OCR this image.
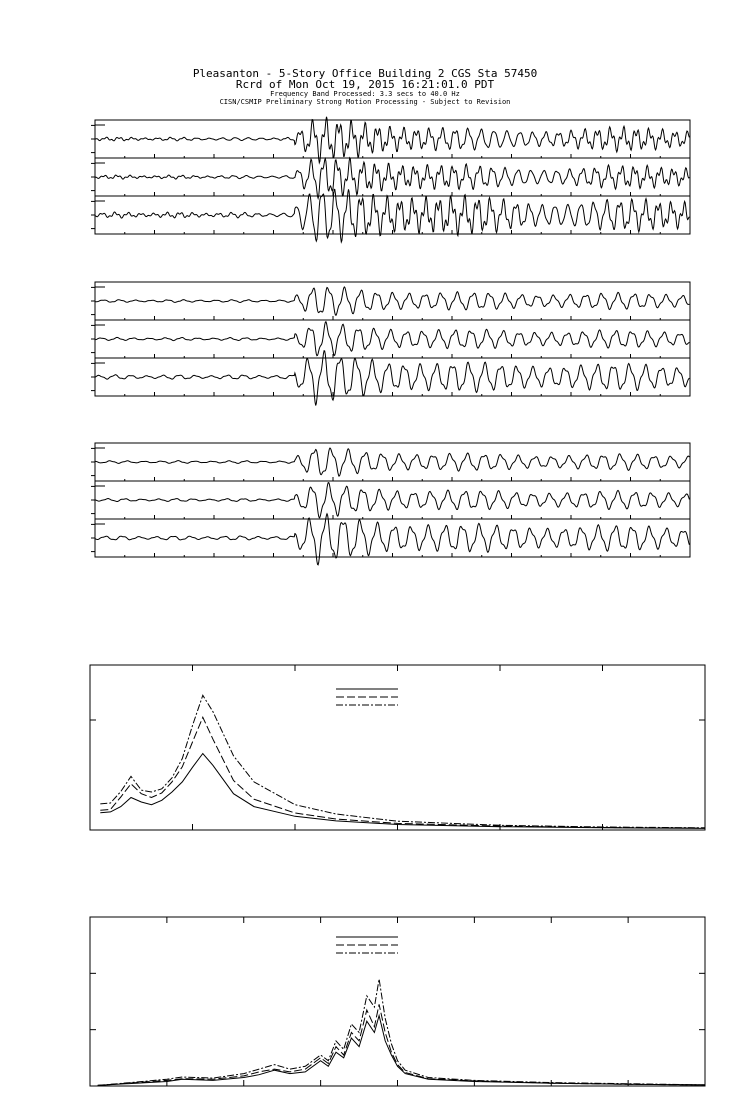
Pleasanton - 5-Story Office Building 2 CGS Sta 57450
Rcrd of Mon Oct 19, 2015 16:21:01.0 PDT
Frequency Band Processed: 3.3 secs to 40.0 Hz
CISN/CSMIP Preliminary Strong Motion Processing - Subject to Revision
